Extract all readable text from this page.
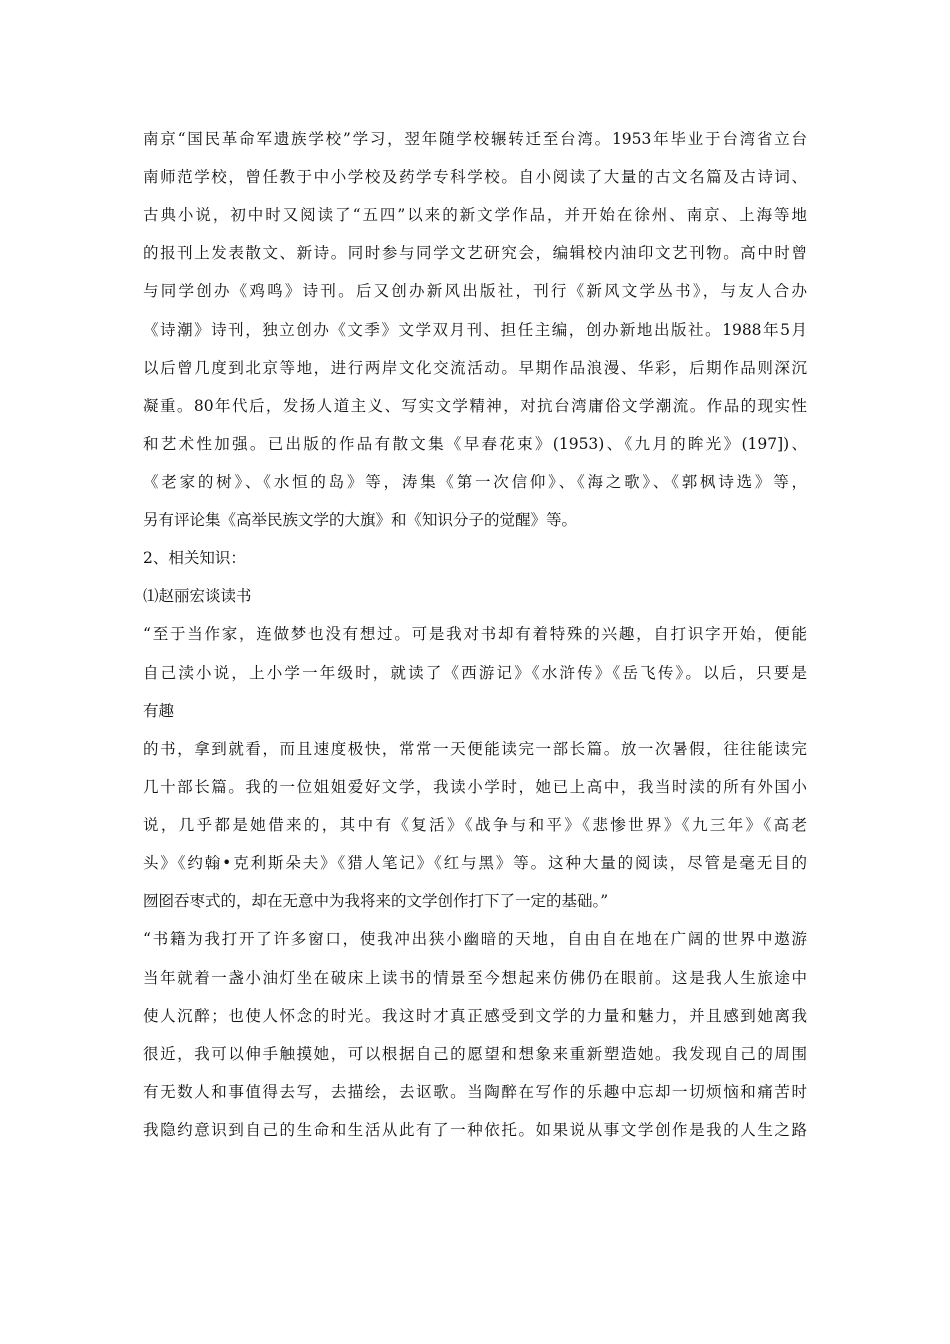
南京“国民革命军遗族学校”学习，翌年随学校辗转迁至台湾。1953年毕业于台湾省立台
南师范学校，曾任教于中小学校及药学专科学校。自小阅读了大量的古文名篇及古诗词、
古典小说，初中时又阅读了“五四”以来的新文学作品，并开始在徐州、南京、上海等地
的报刊上发表散文、新诗。同时参与同学文艺研究会，编辑校内油印文艺刊物。高中时曾
与同学创办《鸡鸣》诗刊。后又创办新风出版社，刊行《新风文学丛书》，与友人合办
《诗潮》诗刊，独立创办《文季》文学双月刊、担任主编，创办新地出版社。1988年5月
以后曾几度到北京等地，进行两岸文化交流活动。早期作品浪漫、华彩，后期作品则深沉
凝重。80年代后，发扬人道主义、写实文学精神，对抗台湾庸俗文学潮流。作品的现实性
和艺术性加强。已出版的作品有散文集《早春花束》(1953)、《九月的眸光》(197])、
《老家的树》、《水恒的岛》等，涛集《第一次信仰》、《海之歌》、《郭枫诗选》等，
另有评论集《高举民族文学的大旗》和《知识分子的觉醒》等。
2、相关知识：
⑴赵丽宏谈读书
“至于当作家，连做梦也没有想过。可是我对书却有着特殊的兴趣，自打识字开始，便能
自己渎小说，上小学一年级时，就读了《西游记》《水浒传》《岳飞传》。以后，只要是
有趣
的书，拿到就看，而且速度极快，常常一天便能读完一部长篇。放一次暑假，往往能读完
几十部长篇。我的一位姐姐爱好文学，我读小学时，她已上高中，我当时渎的所有外国小
说，几乎都是她借来的，其中有《复活》《战争与和平》《悲惨世界》《九三年》《高老
头》《约翰•克利斯朵夫》《猎人笔记》《红与黑》等。这种大量的阅读，尽管是毫无目的
囫囵吞枣式的，却在无意中为我将来的文学创作打下了一定的基础。”
“书籍为我打开了许多窗口，使我冲出狭小幽暗的天地，自由自在地在广阔的世界中遨游
当年就着一盏小油灯坐在破床上读书的情景至今想起来仿佛仍在眼前。这是我人生旅途中
使人沉醉；也使人怀念的时光。我这时才真正感受到文学的力量和魅力，并且感到她离我
很近，我可以伸手触摸她，可以根据自己的愿望和想象来重新塑造她。我发现自己的周围
有无数人和事值得去写，去描绘，去讴歌。当陶醉在写作的乐趣中忘却一切烦恼和痛苦时
我隐约意识到自己的生命和生活从此有了一种依托。如果说从事文学创作是我的人生之路
